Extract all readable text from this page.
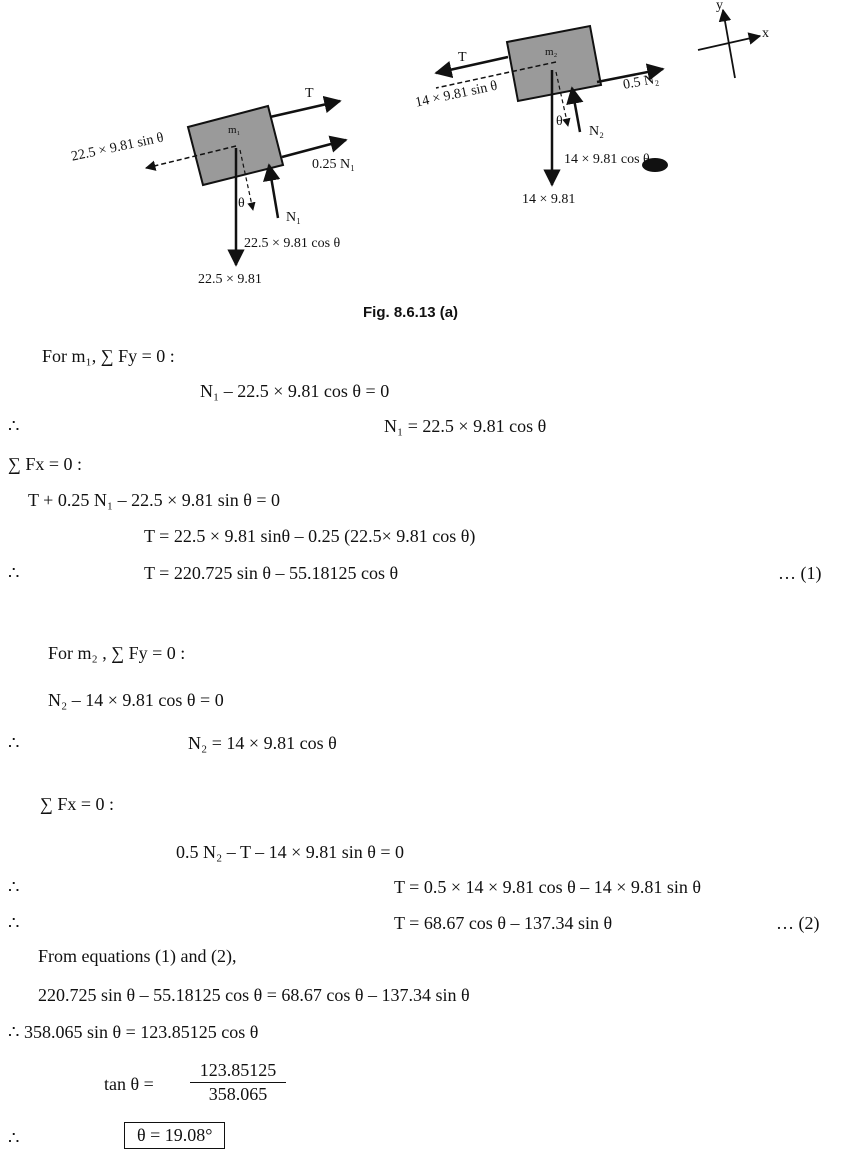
m₁
22.5 × 9.81 sin θ
T
0.25 N₁
θ
N₁
22.5 × 9.81 cos θ
22.5 × 9.81
m₂
T
14 × 9.81 sin θ	0.5 N₂
θ
N₂
14 × 9.81 cos θ
14 × 9.81
x
y
Fig. 8.6.13 (a)
For m₁, ∑ Fy = 0 :
N₁ – 22.5 × 9.81 cos θ = 0
∴	N₁ = 22.5 × 9.81 cos θ
∑ Fx = 0 :
T + 0.25 N₁ – 22.5 × 9.81 sin θ = 0
T = 22.5 × 9.81 sinθ – 0.25 (22.5× 9.81 cos θ)
∴	T = 220.725 sin θ – 55.18125 cos θ	… (1)
For m₂ , ∑ Fy = 0 :
N₂ – 14 × 9.81 cos θ = 0
∴	N₂ = 14 × 9.81 cos θ
∑ Fx = 0 :
0.5 N₂ – T – 14 × 9.81 sin θ = 0
∴	T = 0.5 × 14 × 9.81 cos θ – 14 × 9.81 sin θ
∴	T = 68.67 cos θ – 137.34 sin θ	… (2)
From equations (1) and (2),
220.725 sin θ – 55.18125 cos θ = 68.67 cos θ – 137.34 sin θ
∴ 358.065 sin θ = 123.85125 cos θ
tan θ =
123.85125
358.065
∴	θ = 19.08°
